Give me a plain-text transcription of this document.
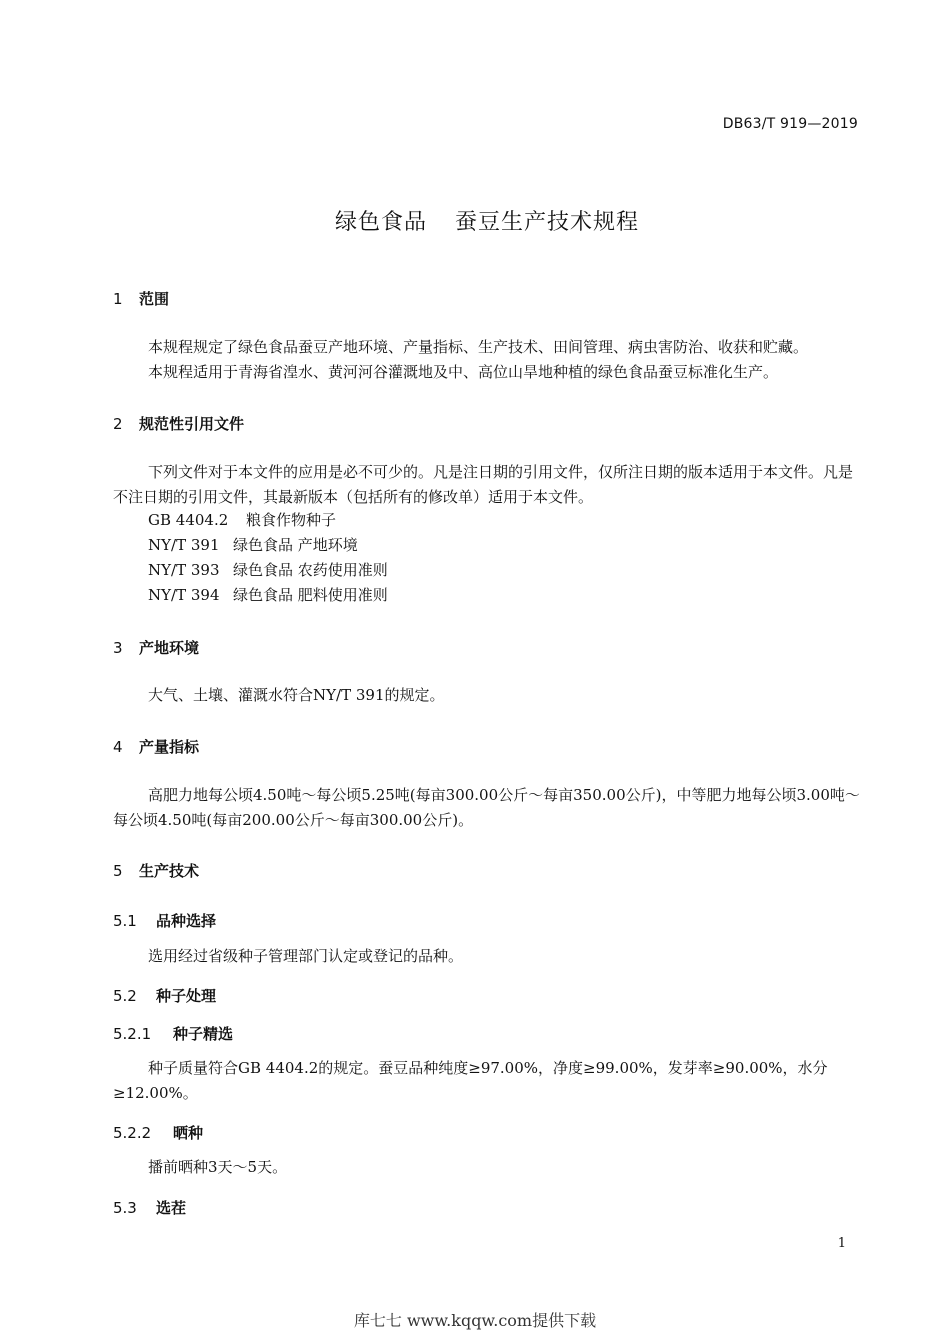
DB63/T 919—2019
绿色食品 蚕豆生产技术规程
1 范围
本规程规定了绿色食品蚕豆产地环境、产量指标、生产技术、田间管理、病虫害防治、收获和贮藏。
本规程适用于青海省湟水、黄河河谷灌溉地及中、高位山旱地种植的绿色食品蚕豆标准化生产。
2 规范性引用文件
下列文件对于本文件的应用是必不可少的。凡是注日期的引用文件，仅所注日期的版本适用于本文件。凡是不注日期的引用文件，其最新版本（包括所有的修改单）适用于本文件。
GB 4404.2 粮食作物种子
NY/T 391 绿色食品 产地环境
NY/T 393 绿色食品 农药使用准则
NY/T 394 绿色食品 肥料使用准则
3 产地环境
大气、土壤、灌溉水符合NY/T 391的规定。
4 产量指标
高肥力地每公顷4.50吨～每公顷5.25吨(每亩300.00公斤～每亩350.00公斤)，中等肥力地每公顷3.00吨～每公顷4.50吨(每亩200.00公斤～每亩300.00公斤)。
5 生产技术
5.1 品种选择
选用经过省级种子管理部门认定或登记的品种。
5.2 种子处理
5.2.1 种子精选
种子质量符合GB 4404.2的规定。蚕豆品种纯度≥97.00%，净度≥99.00%，发芽率≥90.00%，水分≥12.00%。
5.2.2 晒种
播前晒种3天～5天。
5.3 选茬
1
库七七 www.kqqw.com提供下载
